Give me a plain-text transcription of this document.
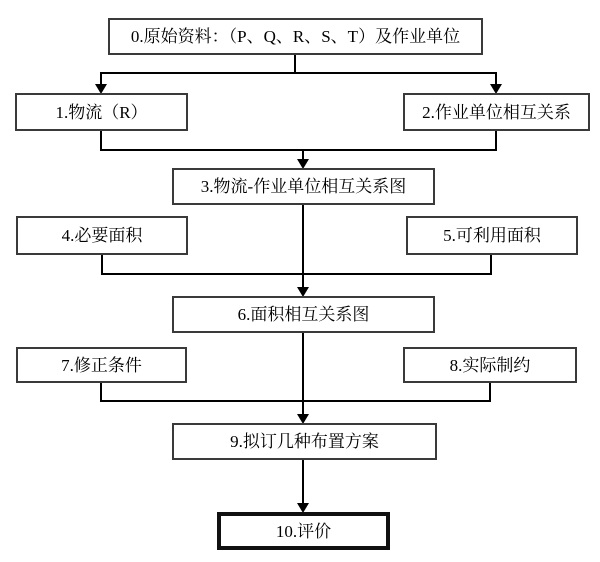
0.原始资料：（P、Q、R、S、T）及作业单位
1.物流（R）	2.作业单位相互关系
3.物流-作业单位相互关系图
4.必要面积	5.可利用面积
6.面积相互关系图
7.修正条件	8.实际制约
9.拟订几种布置方案
10.评价
